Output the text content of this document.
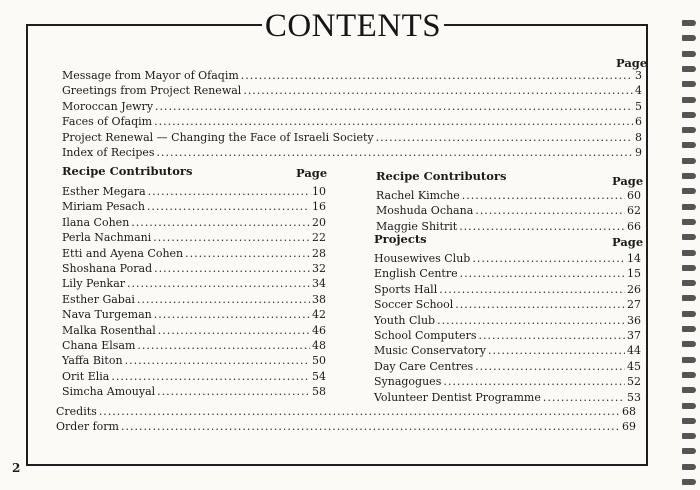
CONTENTS
Page
Message from Mayor of Ofaqim .....	3
Greetings from Project Renewal .....	4
Moroccan Jewry .....	5
Faces of Ofaqim .....	6
Project Renewal — Changing the Face of Israeli Society .....	8
Index of Recipes .....	9
Recipe Contributors	Page
Esther Megara .....	10
Miriam Pesach .....	16
Ilana Cohen .....	20
Perla Nachmani .....	22
Etti and Ayena Cohen .....	28
Shoshana Porad .....	32
Lily Penkar .....	34
Esther Gabai .....	38
Nava Turgeman .....	42
Malka Rosenthal .....	46
Chana Elsam .....	48
Yaffa Biton .....	50
Orit Elia .....	54
Simcha Amouyal .....	58
Recipe Contributors	Page
Rachel Kimche .....	60
Moshuda Ochana .....	62
Maggie Shitrit .....	66
Projects	Page
Housewives Club .....	14
English Centre .....	15
Sports Hall .....	26
Soccer School .....	27
Youth Club .....	36
School Computers .....	37
Music Conservatory .....	44
Day Care Centres .....	45
Synagogues .....	52
Volunteer Dentist Programme .....	53
Credits .....	68
Order form .....	69
2
